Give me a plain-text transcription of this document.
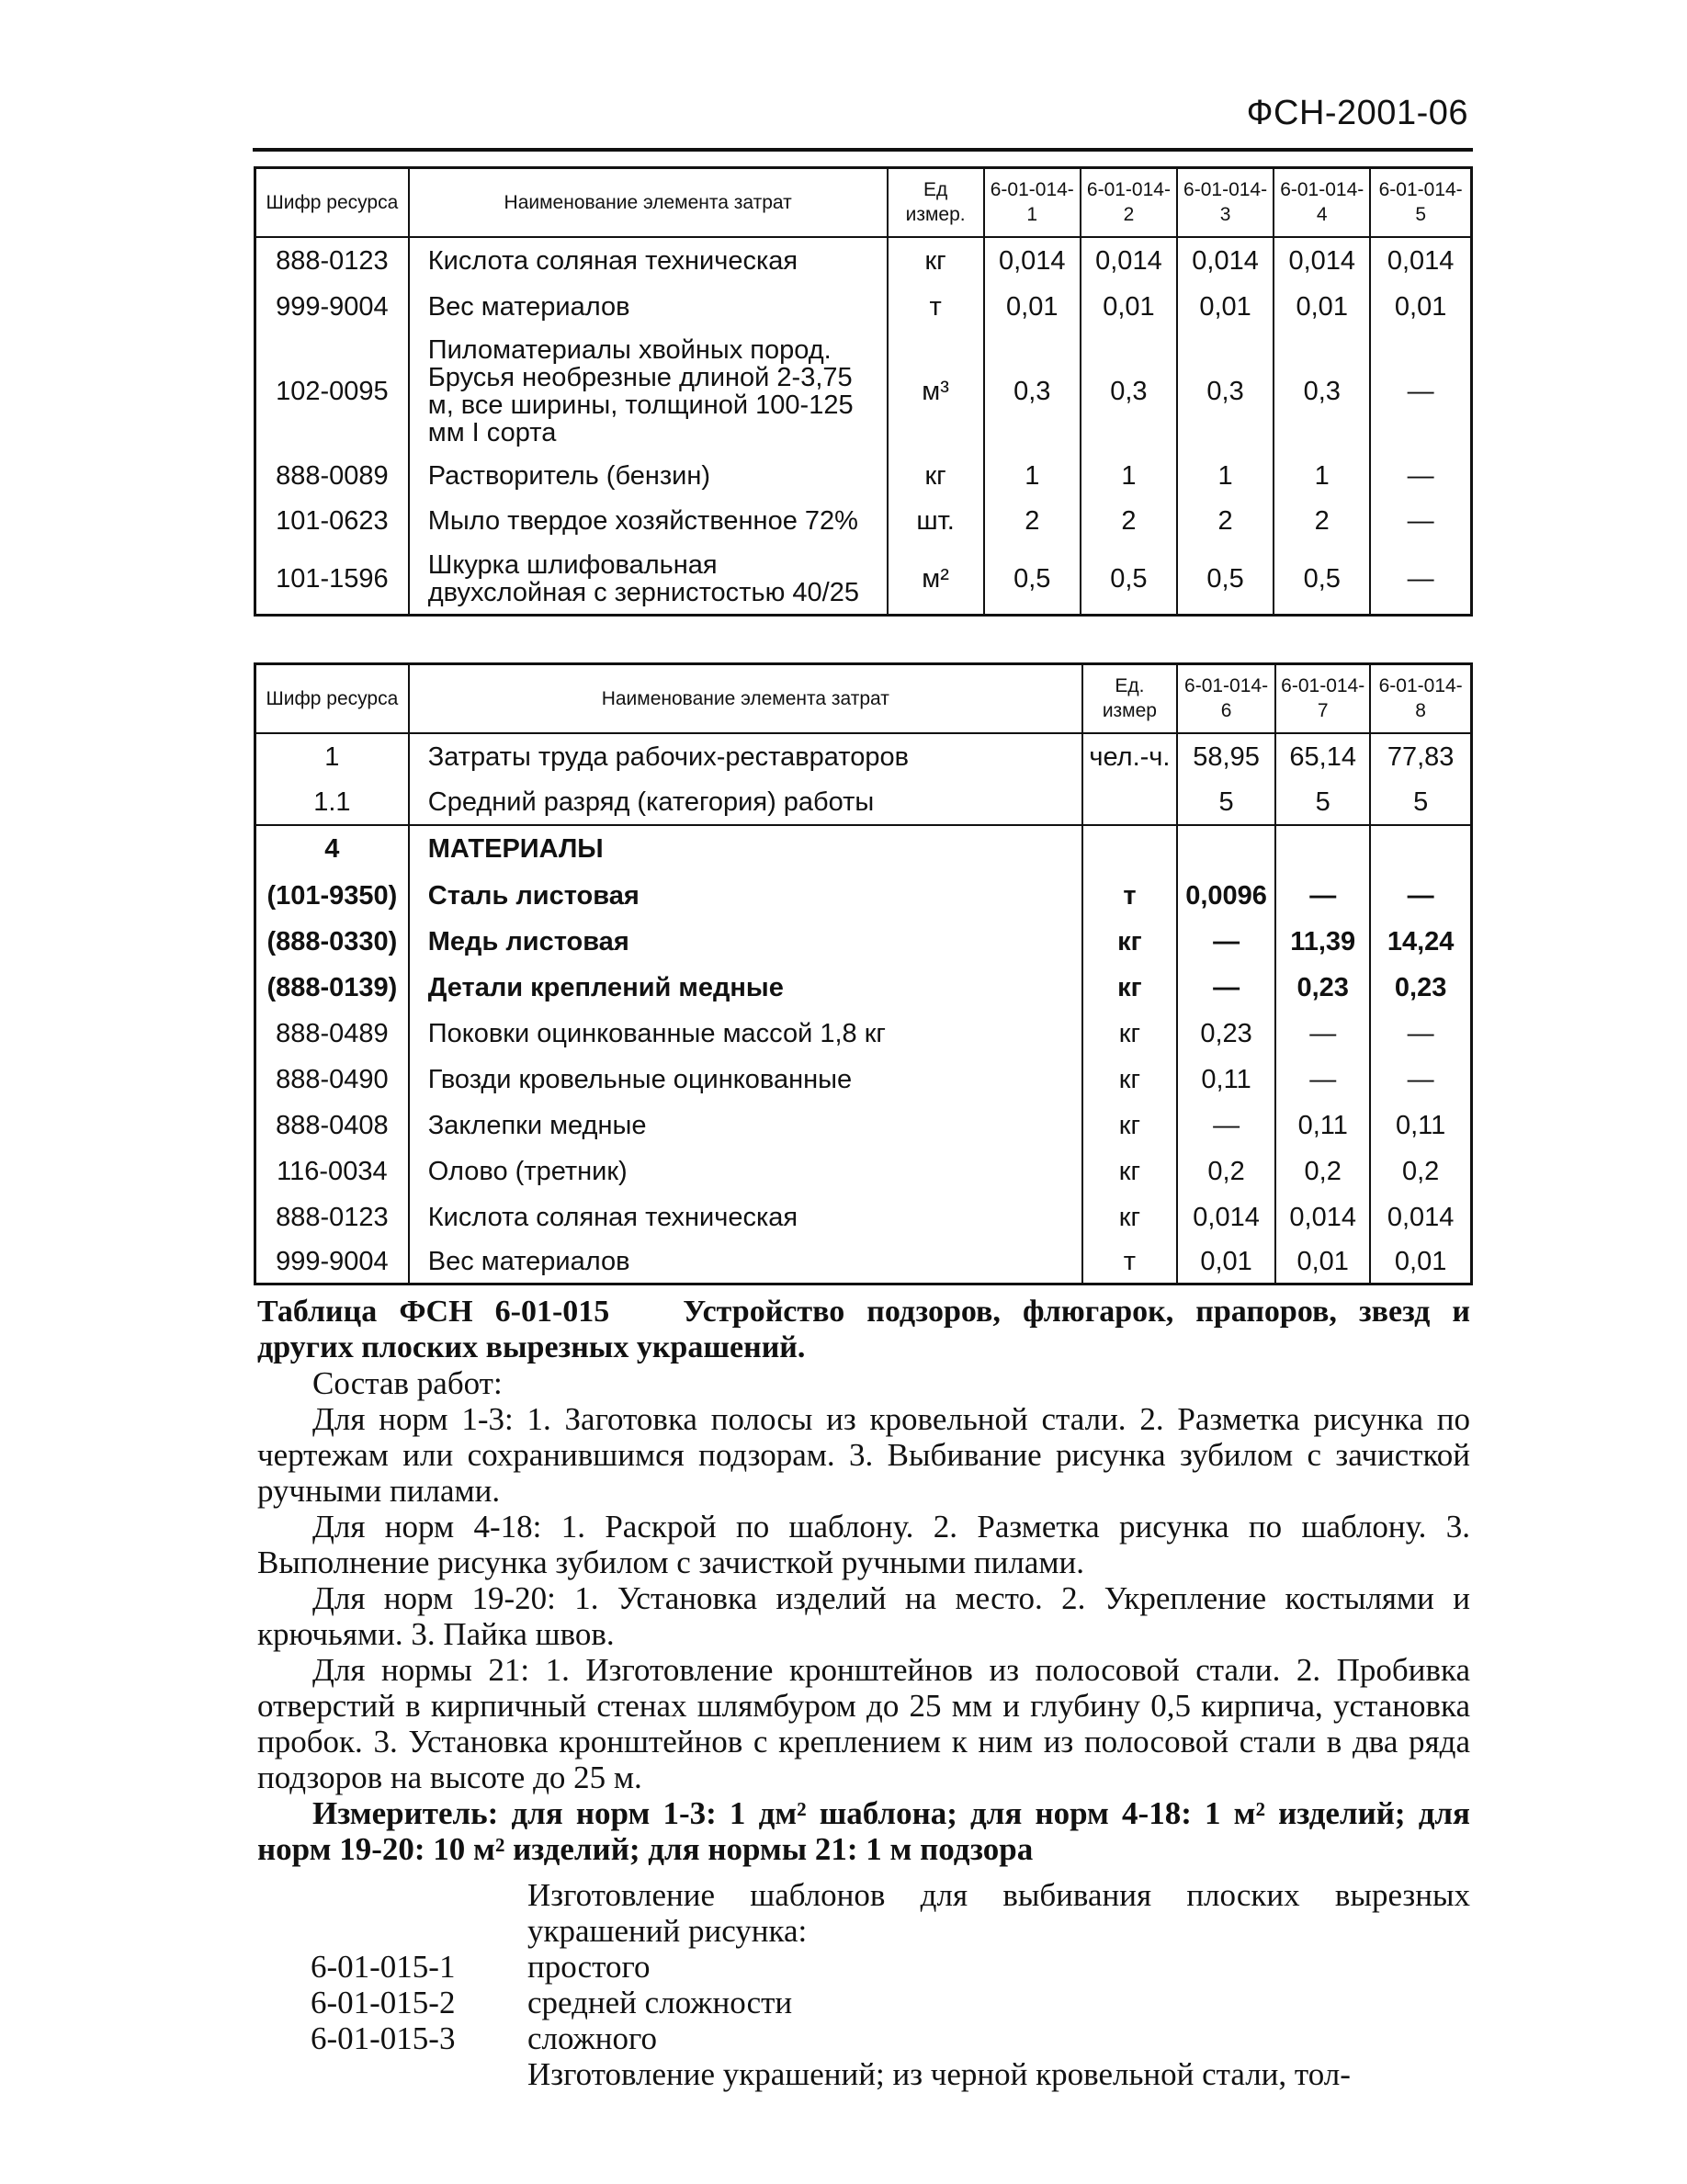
ФСН-2001-06
Шифр ресурса	Наименование элемента затрат	Ед измер.	6-01-014-1	6-01-014-2	6-01-014-3	6-01-014-4	6-01-014-5
888-0123	Кислота соляная техническая	кг	0,014	0,014	0,014	0,014	0,014
999-9004	Вес материалов	т	0,01	0,01	0,01	0,01	0,01
102-0095	Пиломатериалы хвойных пород. Брусья необрезные длиной 2-3,75 м, все ширины, толщиной 100-125 мм I сорта	м³	0,3	0,3	0,3	0,3	—
888-0089	Растворитель (бензин)	кг	1	1	1	1	—
101-0623	Мыло твердое хозяйственное 72%	шт.	2	2	2	2	—
101-1596	Шкурка шлифовальная двухслойная с зернистостью 40/25	м²	0,5	0,5	0,5	0,5	—
Шифр ресурса	Наименование элемента затрат	Ед. измер	6-01-014-6	6-01-014-7	6-01-014-8
1	Затраты труда рабочих-реставраторов	чел.-ч.	58,95	65,14	77,83
1.1	Средний разряд (категория) работы		5	5	5
4	МАТЕРИАЛЫ				
(101-9350)	Сталь листовая	т	0,0096	—	—
(888-0330)	Медь листовая	кг	—	11,39	14,24
(888-0139)	Детали креплений медные	кг	—	0,23	0,23
888-0489	Поковки оцинкованные массой 1,8 кг	кг	0,23	—	—
888-0490	Гвозди кровельные оцинкованные	кг	0,11	—	—
888-0408	Заклепки медные	кг	—	0,11	0,11
116-0034	Олово (третник)	кг	0,2	0,2	0,2
888-0123	Кислота соляная техническая	кг	0,014	0,014	0,014
999-9004	Вес материалов	т	0,01	0,01	0,01

Таблица ФСН 6-01-015 Устройство подзоров, флюгарок, прапоров, звезд и других плоских вырезных украшений.

Состав работ:

Для норм 1-3: 1. Заготовка полосы из кровельной стали. 2. Разметка рисунка по чертежам или сохранившимся подзорам. 3. Выбивание рисунка зубилом с зачисткой ручными пилами.

Для норм 4-18: 1. Раскрой по шаблону. 2. Разметка рисунка по шаблону. 3. Выполнение рисунка зубилом с зачисткой ручными пилами.

Для норм 19-20: 1. Установка изделий на место. 2. Укрепление костылями и крючьями. 3. Пайка швов.

Для нормы 21: 1. Изготовление кронштейнов из полосовой стали. 2. Пробивка отверстий в кирпичный стенах шлямбуром до 25 мм и глубину 0,5 кирпича, установка пробок. 3. Установка кронштейнов с креплением к ним из полосовой стали в два ряда подзоров на высоте до 25 м.

Измеритель: для норм 1-3: 1 дм² шаблона; для норм 4-18: 1 м² изделий; для норм 19-20: 10 м² изделий; для нормы 21: 1 м подзора

Изготовление шаблонов для выбивания плоских вырезных украшений рисунка:
6-01-015-1	простого
6-01-015-2	средней сложности
6-01-015-3	сложного
Изготовление украшений; из черной кровельной стали, тол-
